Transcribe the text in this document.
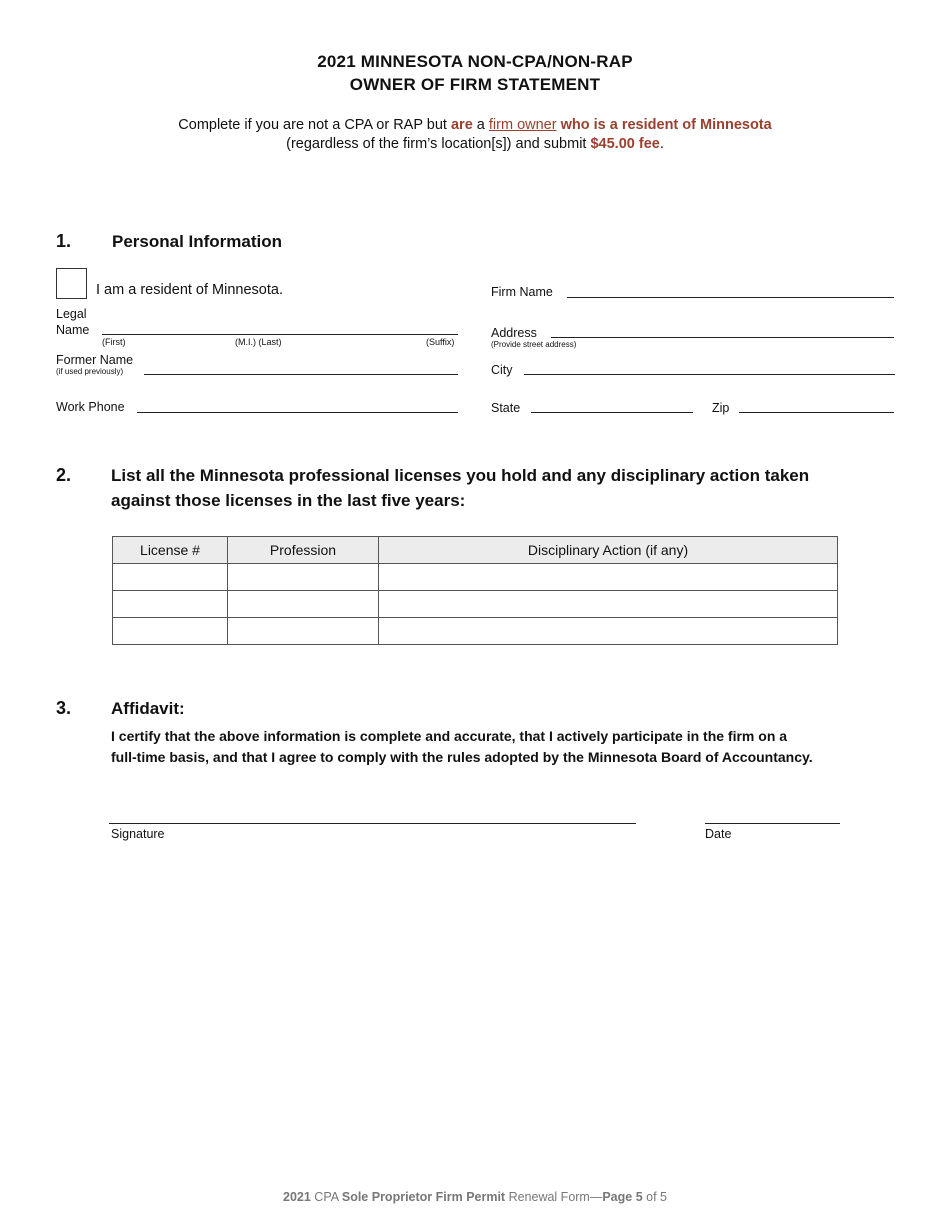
2021 MINNESOTA NON-CPA/NON-RAP
OWNER OF FIRM STATEMENT
Complete if you are not a CPA or RAP but are a firm owner who is a resident of Minnesota
(regardless of the firm’s location[s]) and submit $45.00 fee.
1. Personal Information
I am a resident of Minnesota.
Legal
Name
(First)	(M.I.) (Last)	(Suffix)
Former Name
(if used previously)
Work Phone
Firm Name
Address
(Provide street address)
City
State	Zip
2. List all the Minnesota professional licenses you hold and any disciplinary action taken
against those licenses in the last five years:
License #	Profession	Disciplinary Action (if any)

3. Affidavit:
I certify that the above information is complete and accurate, that I actively participate in the firm on a
full-time basis, and that I agree to comply with the rules adopted by the Minnesota Board of Accountancy.
Signature	Date
2021 CPA Sole Proprietor Firm Permit Renewal Form—Page 5 of 5
